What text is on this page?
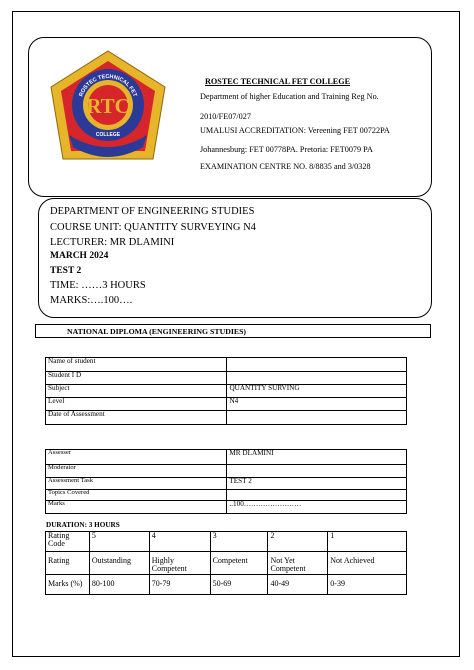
RTC
ROSTEC TECHNICAL FET
COLLEGE
ROSTEC TECHNICAL FET COLLEGE
Department of higher Education and Training Reg No.
2010/FE07/027
UMALUSI ACCREDITATION: Vereening FET 00722PA
Johannesburg: FET 00778PA. Pretoria: FET0079 PA
EXAMINATION CENTRE NO. 8/8835 and 3/0328
DEPARTMENT OF ENGINEERING STUDIES
COURSE UNIT: QUANTITY SURVEYING N4
LECTURER: MR DLAMINI
MARCH 2024
TEST 2
TIME: ……3 HOURS
MARKS:….100….
NATIONAL DIPLOMA (ENGINEERING STUDIES)
Name of student	
Student I D	
Subject	QUANTITY SURVING
Level	N4
Date of Assessment	
Assesser	MR DLAMINI
Moderator	
Assessment Task	TEST 2
Topics Covered	
Marks	..100……………………
DURATION: 3 HOURS
Rating Code	5	4	3	2	1
Rating	Outstanding	Highly Competent	Competent	Not Yet Competent	Not Achieved
Marks (%)	80-100	70-79	50-69	40-49	0-39
